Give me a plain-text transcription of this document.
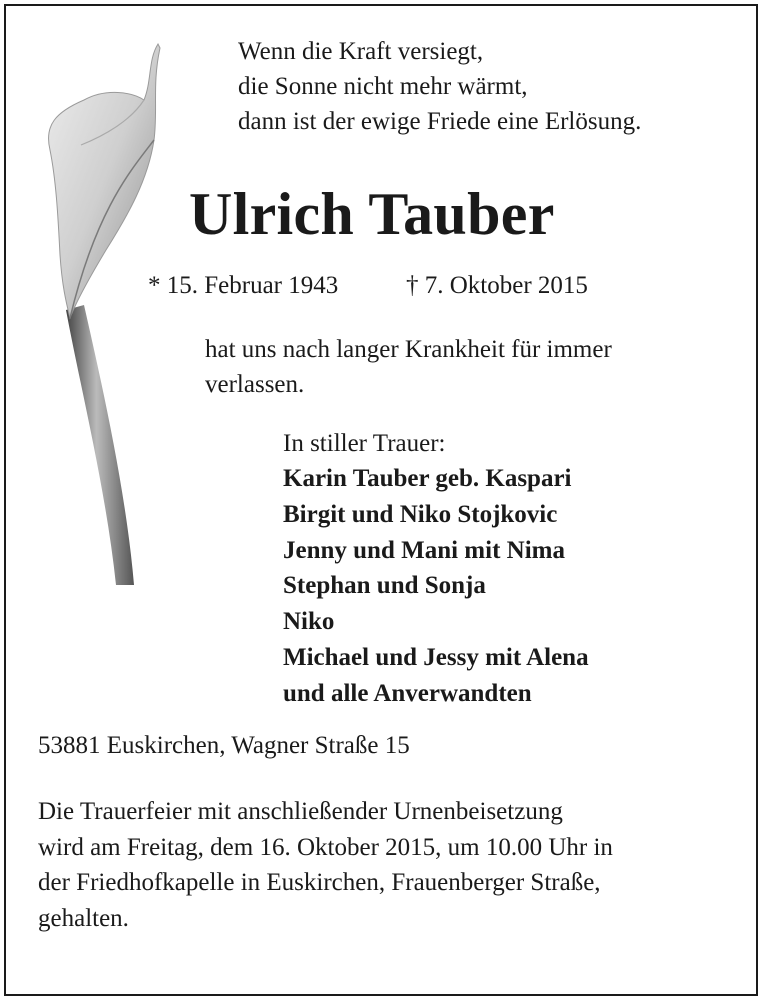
Wenn die Kraft versiegt,
die Sonne nicht mehr wärmt,
dann ist der ewige Friede eine Erlösung.

Ulrich Tauber
* 15. Februar 1943	† 7. Oktober 2015

hat uns nach langer Krankheit für immer
verlassen.

In stiller Trauer:
Karin Tauber geb. Kaspari
Birgit und Niko Stojkovic
Jenny und Mani mit Nima
Stephan und Sonja
Niko
Michael und Jessy mit Alena
und alle Anverwandten
53881 Euskirchen, Wagner Straße 15

Die Trauerfeier mit anschließender Urnenbeisetzung
wird am Freitag, dem 16. Oktober 2015, um 10.00 Uhr in
der Friedhofkapelle in Euskirchen, Frauenberger Straße,
gehalten.
